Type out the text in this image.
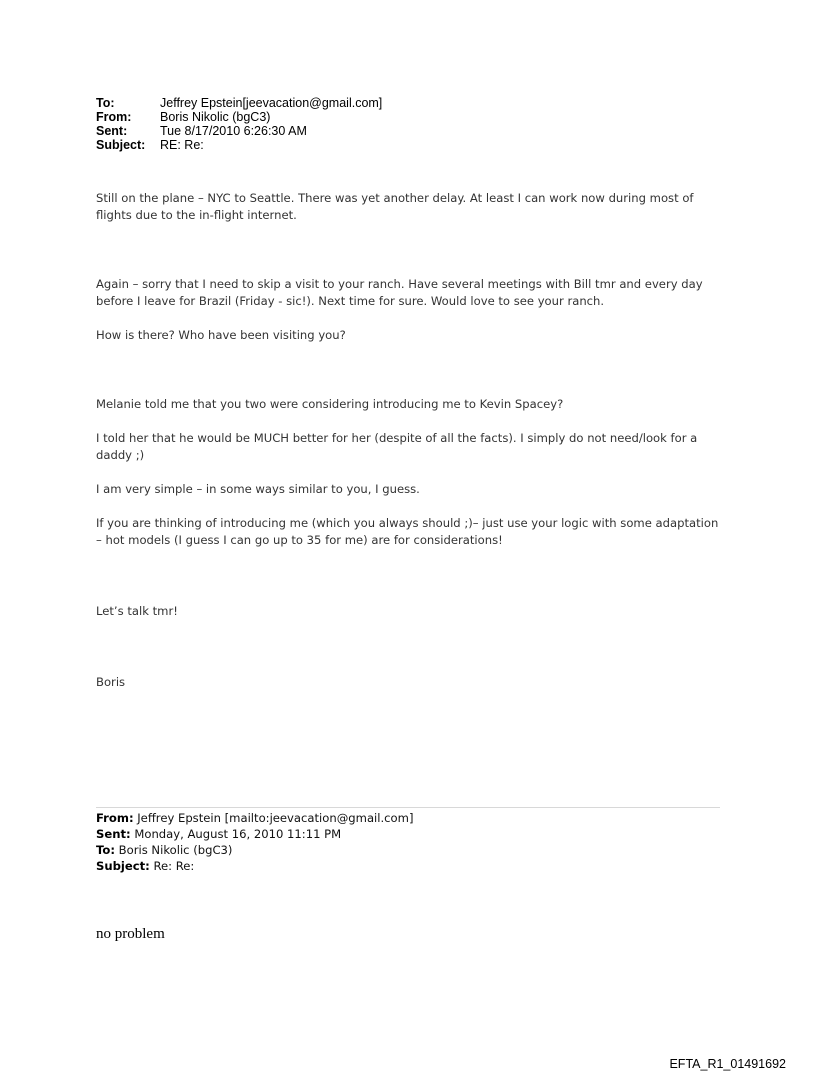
To:	Jeffrey Epstein[jeevacation@gmail.com]
From:	Boris Nikolic (bgC3)
Sent:	Tue 8/17/2010 6:26:30 AM
Subject:	RE: Re:

Still on the plane – NYC to Seattle. There was yet another delay. At least I can work now during most of flights due to the in-flight internet.

Again – sorry that I need to skip a visit to your ranch. Have several meetings with Bill tmr and every day before I leave for Brazil (Friday - sic!). Next time for sure. Would love to see your ranch.

How is there? Who have been visiting you?

Melanie told me that you two were considering introducing me to Kevin Spacey?

I told her that he would be MUCH better for her (despite of all the facts). I simply do not need/look for a daddy ;)

I am very simple – in some ways similar to you, I guess.

If you are thinking of introducing me (which you always should ;)– just use your logic with some adaptation – hot models (I guess I can go up to 35 for me) are for considerations!

Let’s talk tmr!

Boris

From: Jeffrey Epstein [mailto:jeevacation@gmail.com]
Sent: Monday, August 16, 2010 11:11 PM
To: Boris Nikolic (bgC3)
Subject: Re: Re:
no problem
EFTA_R1_01491692
